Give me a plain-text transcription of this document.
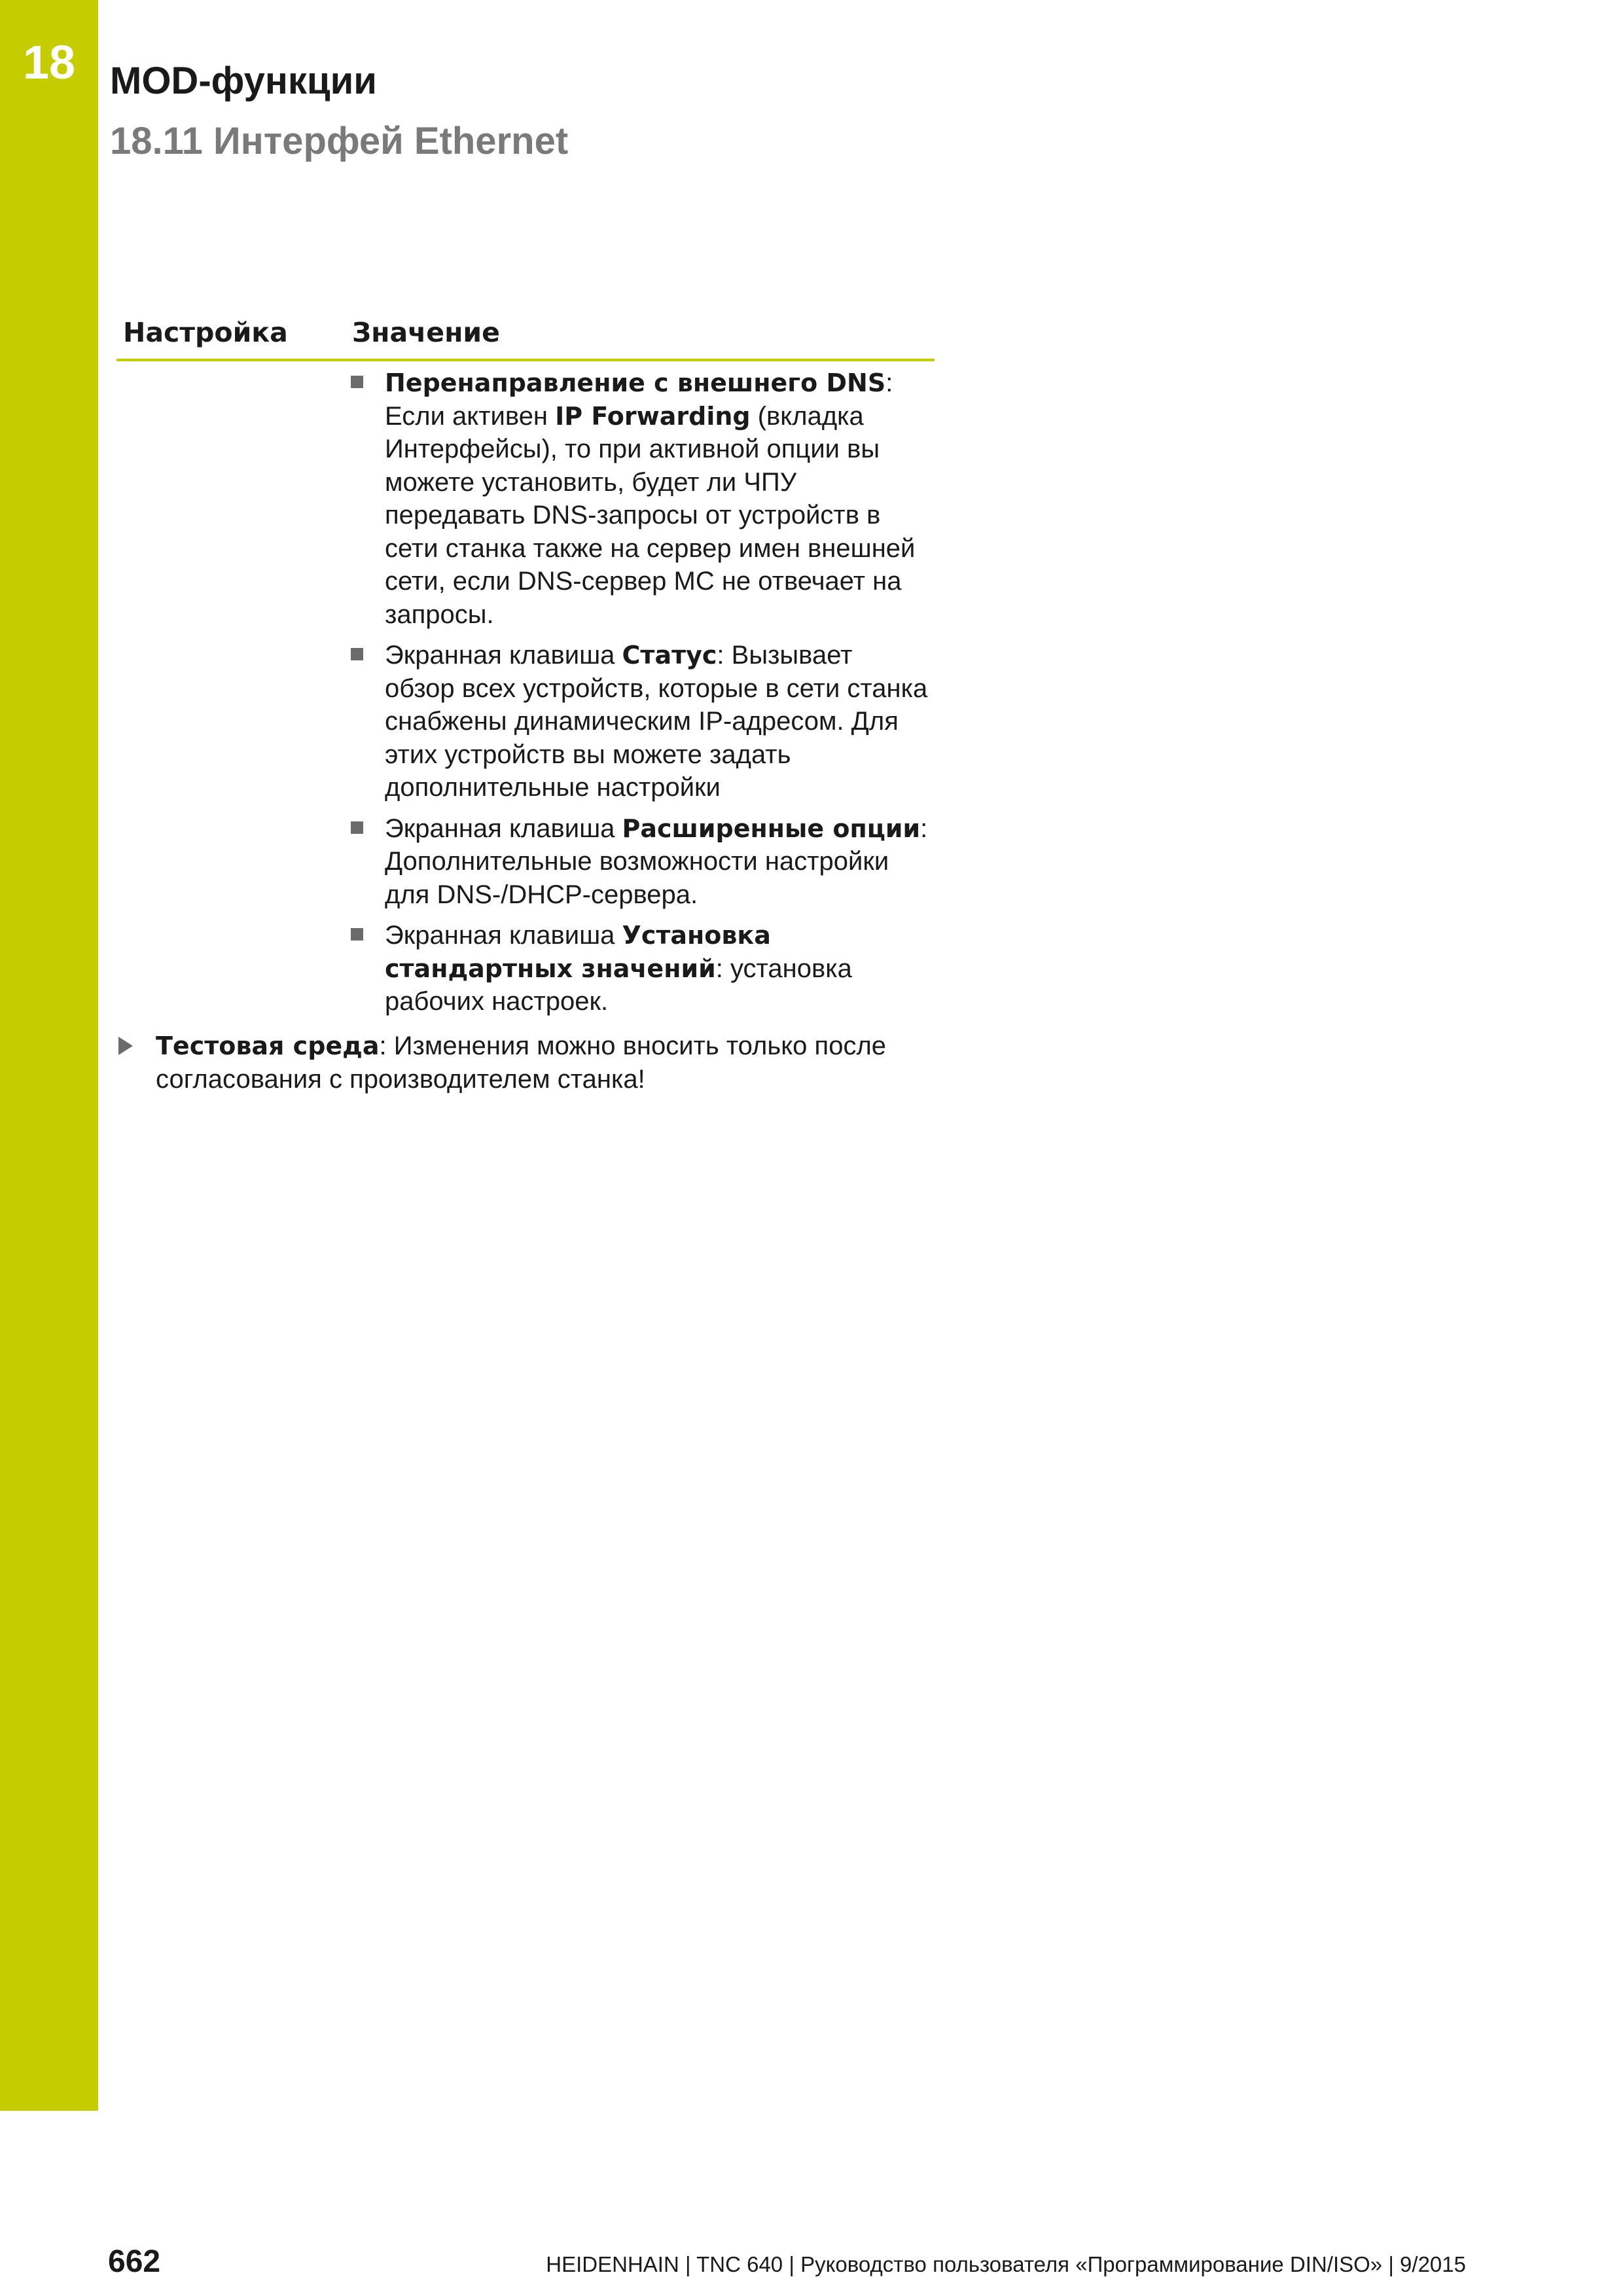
18 MOD-функции
18.11 Интерфей Ethernet
Настройка	Значение
Перенаправление с внешнего DNS: Если активен IP Forwarding (вкладка Интерфейсы), то при активной опции вы можете установить, будет ли ЧПУ передавать DNS-запросы от устройств в сети станка также на сервер имен внешней сети, если DNS-сервер МС не отвечает на запросы.
Экранная клавиша Статус: Вызывает обзор всех устройств, которые в сети станка снабжены динамическим IP-адресом. Для этих устройств вы можете задать дополнительные настройки
Экранная клавиша Расширенные опции: Дополнительные возможности настройки для DNS-/DHCP-сервера.
Экранная клавиша Установка стандартных значений: установка рабочих настроек.
Тестовая среда: Изменения можно вносить только после согласования с производителем станка!
662	HEIDENHAIN | TNC 640 | Руководство пользователя «Программирование DIN/ISO» | 9/2015
